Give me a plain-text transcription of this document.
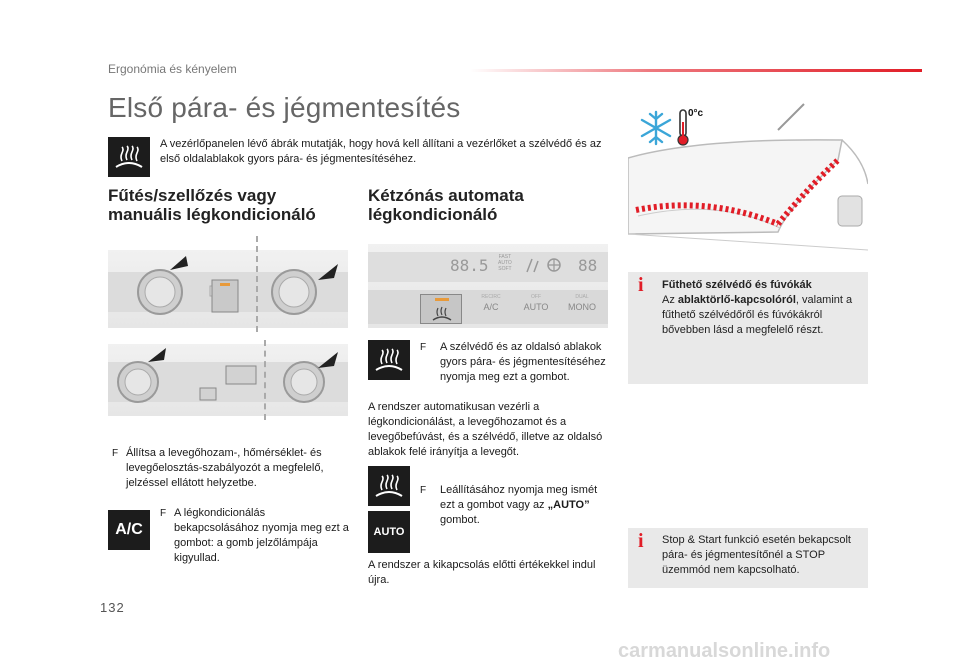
Ergonómia és kényelem
Első pára- és jégmentesítés

A vezérlőpanelen lévő ábrák mutatják, hogy hová kell állítani a vezérlőket a szélvédő és az első oldalablakok gyors pára- és jégmentesítéséhez.

Fűtés/szellőzés vagy
manuális légkondicionáló
F Állítsa a levegőhozam-, hőmérséklet- és levegőelosztás-szabályozót a megfelelő, jelzéssel ellátott helyzetbe.
A/C
F A légkondicionálás bekapcsolásához nyomja meg ezt a gombot: a gomb jelzőlámpája kigyullad.
Kétzónás automata
légkondicionáló
88.5 FAST
AUTO
SOFT	88
RECIRC
A/C
OFF
AUTO
DUAL
MONO
F	A szélvédő és az oldalsó ablakok gyors pára- és jégmentesítéséhez nyomja meg ezt a gombot.

A rendszer automatikusan vezérli a légkondicionálást, a levegőhozamot és a levegőbefúvást, és a szélvédő, illetve az oldalsó ablakok felé irányítja a levegőt.

AUTO
F	Leállításához nyomja meg ismét ezt a gombot vagy az „AUTO” gombot.

A rendszer a kikapcsolás előtti értékekkel indul újra.

0°c
i Fűthető szélvédő és fúvókák
Az ablaktörlő-kapcsolóról, valamint a fűthető szélvédőről és fúvókákról bővebben lásd a megfelelő részt.
i Stop & Start funkció esetén bekapcsolt pára- és jégmentesítőnél a STOP üzemmód nem kapcsolható.
132
carmanualsonline.info
